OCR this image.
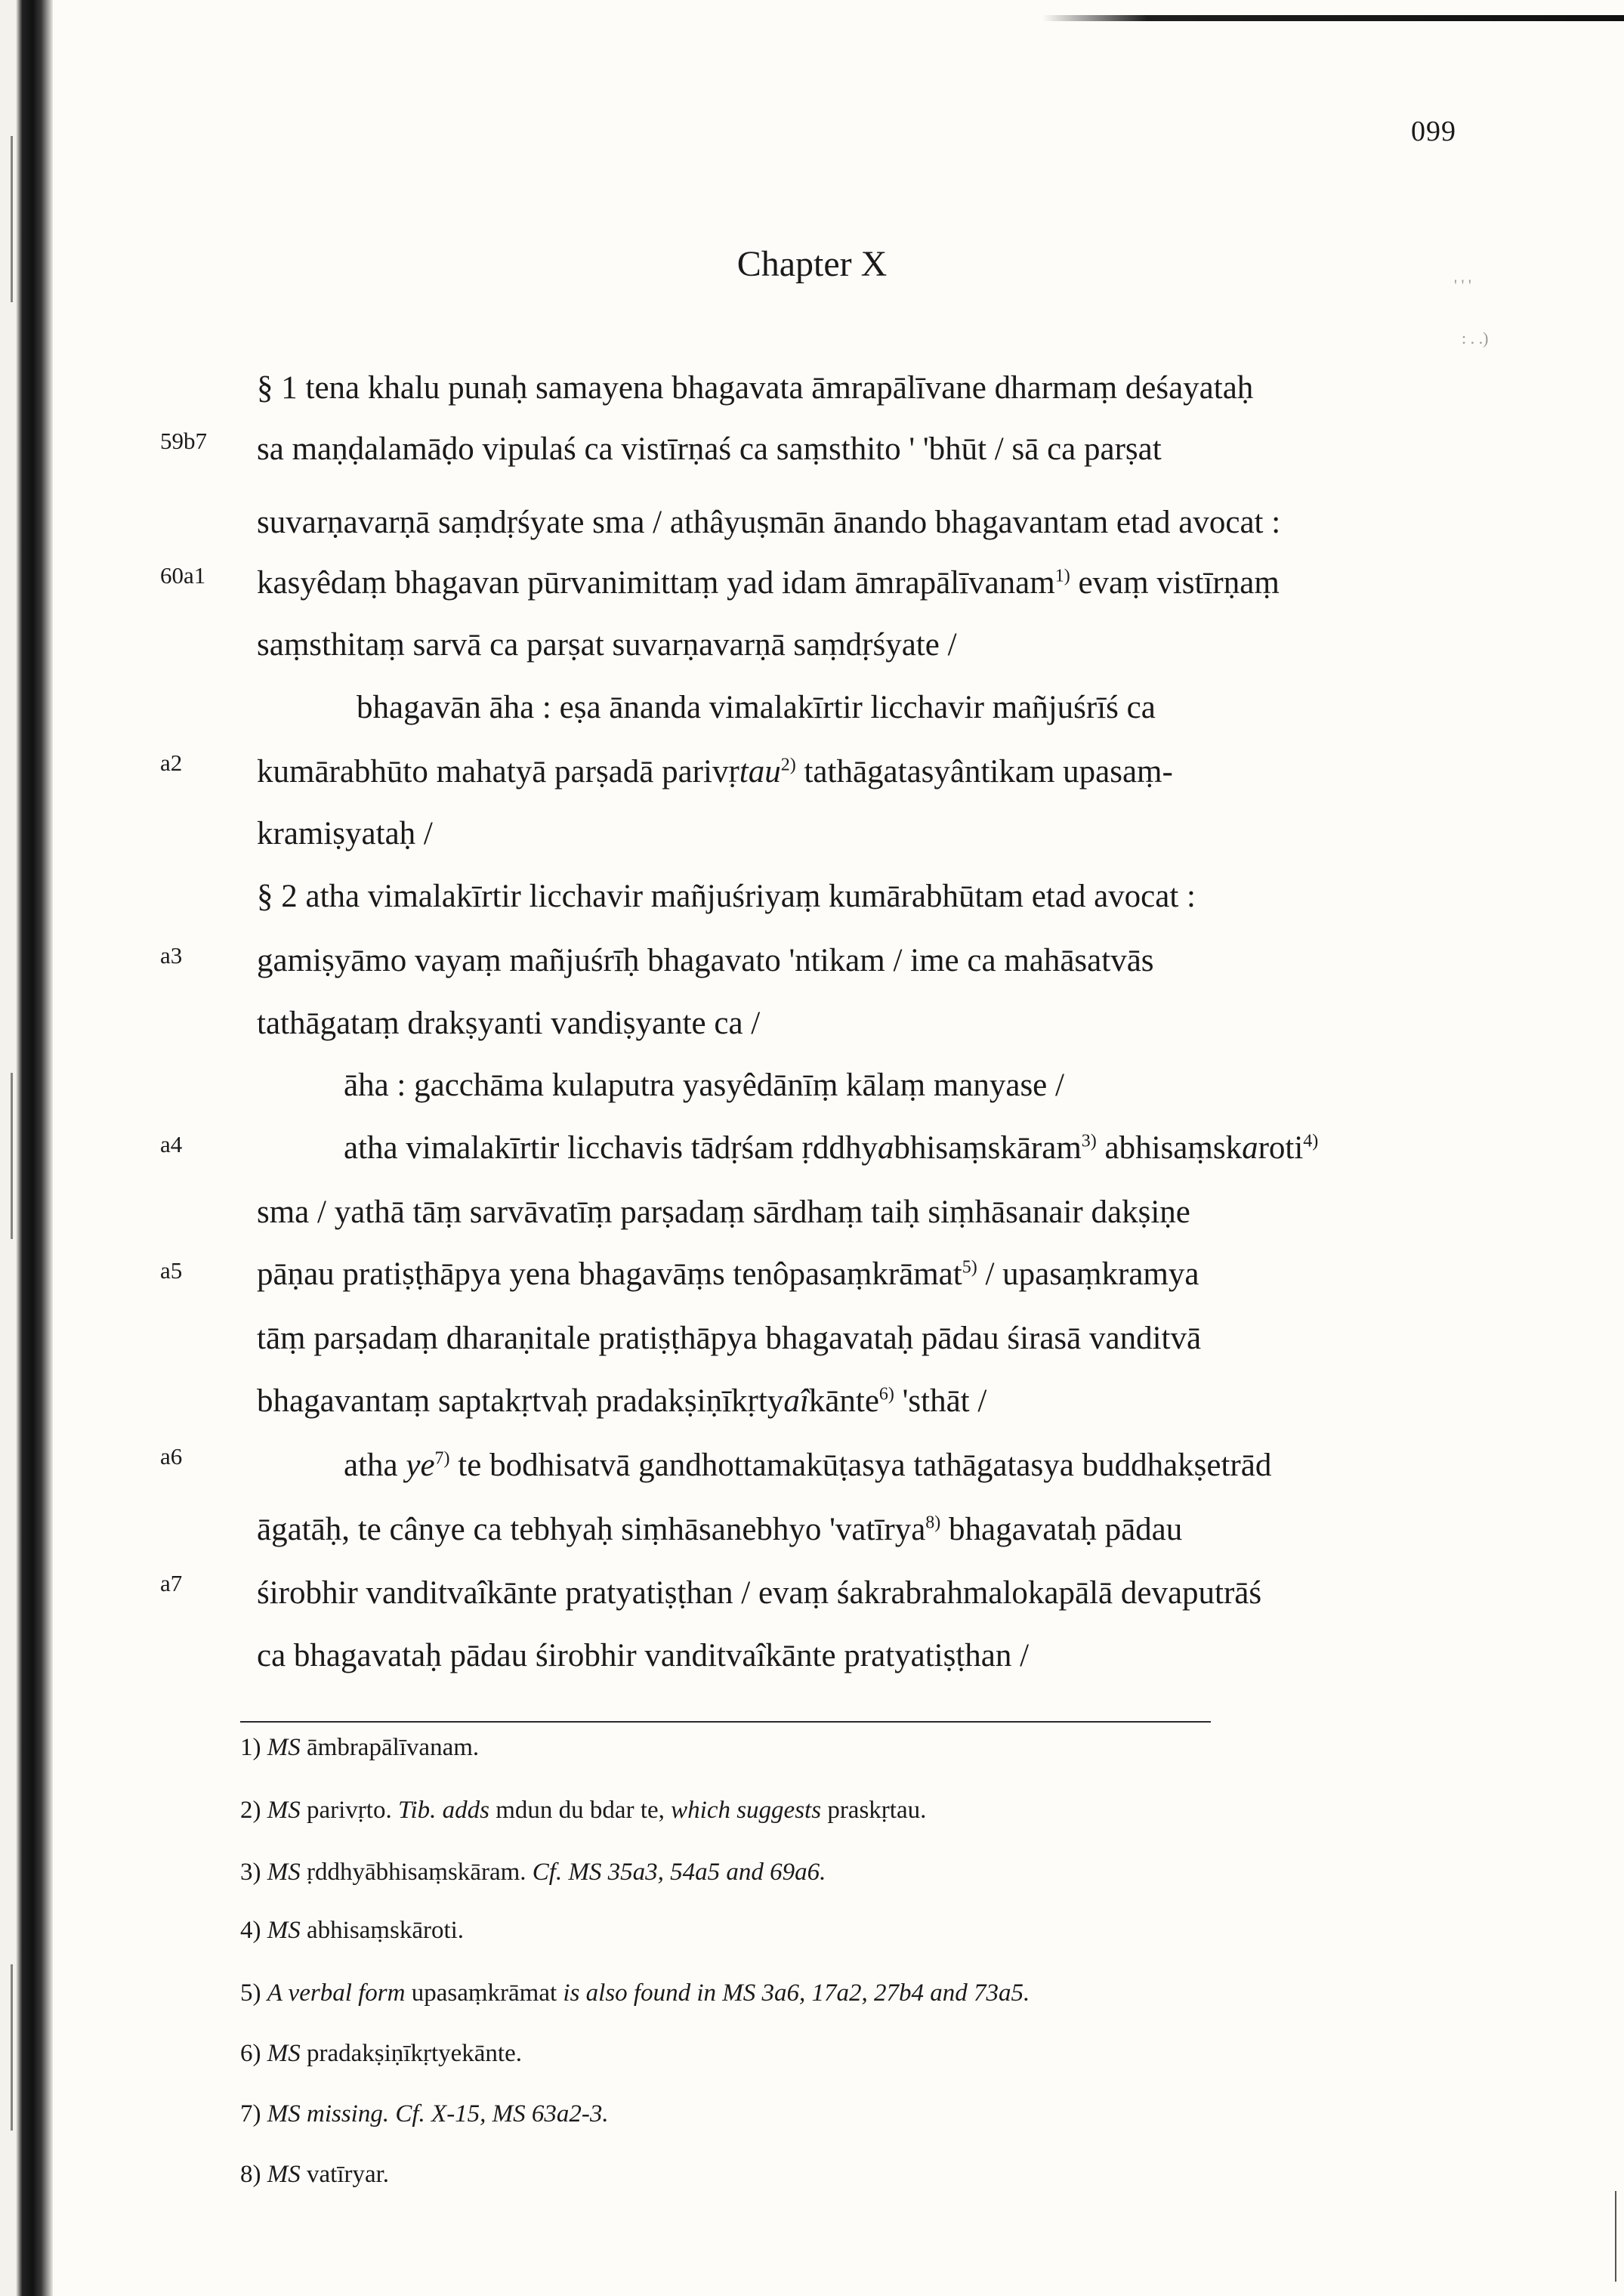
099
Chapter X
' ' '
: . .)
59b7
60a1
a2
a3
a4
a5
a6
a7
§ 1 tena khalu punaḥ samayena bhagavata āmrapālīvane dharmaṃ deśayataḥ
sa maṇḍalamāḍo vipulaś ca vistīrṇaś ca saṃsthito ' 'bhūt / sā ca parṣat
suvarṇavarṇā saṃdṛśyate sma / athâyuṣmān ānando bhagavantam etad avocat :
kasyêdaṃ bhagavan pūrvanimittaṃ yad idam āmrapālīvanam$^{1)}$ evaṃ vistīrṇaṃ
saṃsthitaṃ sarvā ca parṣat suvarṇavarṇā saṃdṛśyate /
bhagavān āha : eṣa ānanda vimalakīrtir licchavir mañjuśrīś ca
kumārabhūto mahatyā parṣadā parivṛtau$^{2)}$ tathāgatasyântikam upasaṃ-
kramiṣyataḥ /
§ 2 atha vimalakīrtir licchavir mañjuśriyaṃ kumārabhūtam etad avocat :
gamiṣyāmo vayaṃ mañjuśrīḥ bhagavato 'ntikam / ime ca mahāsatvās
tathāgataṃ drakṣyanti vandiṣyante ca /
āha : gacchāma kulaputra yasyêdānīṃ kālaṃ manyase /
atha vimalakīrtir licchavis tādṛśam ṛddhyabhisaṃskāram$^{3)}$ abhisaṃskaroti$^{4)}$
sma / yathā tāṃ sarvāvatīṃ parṣadaṃ sārdhaṃ taiḥ siṃhāsanair dakṣiṇe
pāṇau pratiṣṭhāpya yena bhagavāṃs tenôpasaṃkrāmat$^{5)}$ / upasaṃkramya
tāṃ parṣadaṃ dharaṇitale pratiṣṭhāpya bhagavataḥ pādau śirasā vanditvā
bhagavantaṃ saptakṛtvaḥ pradakṣiṇīkṛtyaîkānte$^{6)}$ 'sthāt /
atha $ye^{7)}$ te bodhisatvā gandhottamakūṭasya tathāgatasya buddhakṣetrād
āgatāḥ, te cânye ca tebhyaḥ siṃhāsanebhyo 'vatīrya$^{8)}$ bhagavataḥ pādau
śirobhir vanditvaîkānte pratyatiṣṭhan / evaṃ śakrabrahmalokapālā devaputrāś
ca bhagavataḥ pādau śirobhir vanditvaîkānte pratyatiṣṭhan /
1) MS āmbrapālīvanam.
2) MS parivṛto. Tib. adds mdun du bdar te, which suggests praskṛtau.
3) MS ṛddhyābhisaṃskāram. Cf. MS 35a3, 54a5 and 69a6.
4) MS abhisaṃskāroti.
5) A verbal form upasaṃkrāmat is also found in MS 3a6, 17a2, 27b4 and 73a5.
6) MS pradakṣiṇīkṛtyekānte.
7) MS missing. Cf. X-15, MS 63a2-3.
8) MS vatīryar.
